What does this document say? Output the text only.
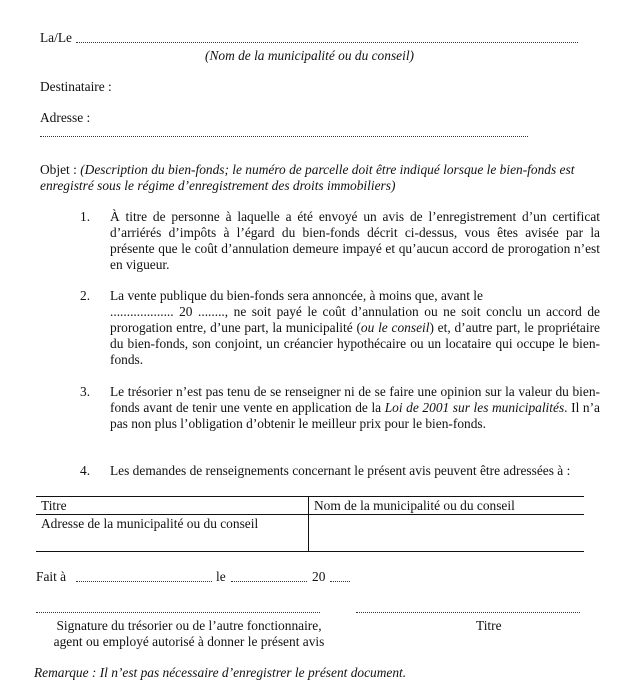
La/Le
(Nom de la municipalité ou du conseil)
Destinataire :
Adresse :
Objet : (Description du bien-fonds; le numéro de parcelle doit être indiqué lorsque le bien-fonds est enregistré sous le régime d’enregistrement des droits immobiliers)
1.	À titre de personne à laquelle a été envoyé un avis de l’enregistrement d’un certificat d’arriérés d’impôts à l’égard du bien-fonds décrit ci-dessus, vous êtes avisée par la présente que le coût d’annulation demeure impayé et qu’aucun accord de prorogation n’est en vigueur.

2.	La vente publique du bien-fonds sera annoncée, à moins que, avant le
................... 20 ........, ne soit payé le coût d’annulation ou ne soit conclu un accord de prorogation entre, d’une part, la municipalité (ou le conseil) et, d’autre part, le propriétaire du bien-fonds, son conjoint, un créancier hypothécaire ou un locataire qui occupe le bien-fonds.

3.	Le trésorier n’est pas tenu de se renseigner ni de se faire une opinion sur la valeur du bien-fonds avant de tenir une vente en application de la Loi de 2001 sur les municipalités. Il n’a pas non plus l’obligation d’obtenir le meilleur prix pour le bien-fonds.

4.	Les demandes de renseignements concernant le présent avis peuvent être adressées à :

Titre	Nom de la municipalité ou du conseil
Adresse de la municipalité ou du conseil	
Fait à	le	20
Signature du trésorier ou de l’autre fonctionnaire,
agent ou employé autorisé à donner le présent avis
Titre
Remarque : Il n’est pas nécessaire d’enregistrer le présent document.
